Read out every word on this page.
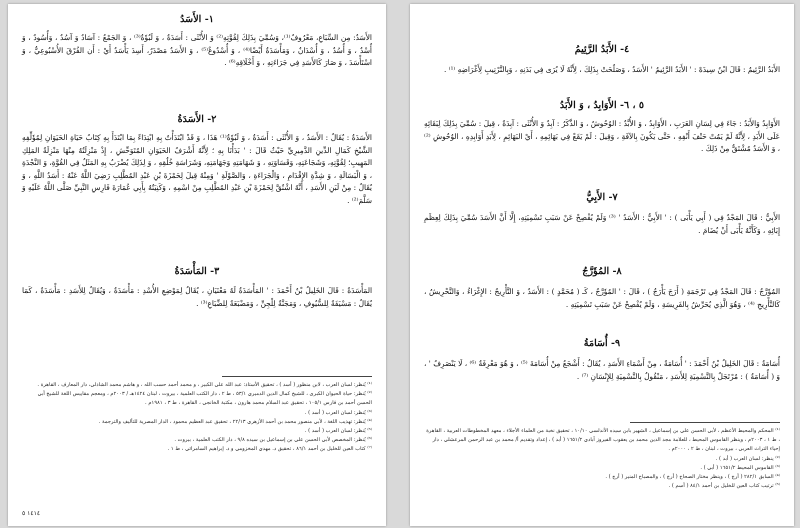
١- الأَسَدُ

الأَسَدُ: مِن السِّبَاعِ، مَعْرُوفٌ⁽¹⁾، وَسُمِّيَ بِذَلِكَ لِقُوَّتِهِ⁽²⁾ وَ الأُنْثَى : أَسَدَةٌ ، وَ لَبُؤَةٌ⁽³⁾ ، وَ الجَمْعُ : آسَادٌ وَ آسُدٌ ، وَأُسُودٌ ، وَ أُسْدٌ ، وَ أُسُدٌ ، وَ أُسْدَانٌ ، وَمَأْسَدَةٌ أَيْضًا⁽⁴⁾ ، وَ أُسْدُوعٌ⁽⁵⁾ ، وَ الأَسَدُ مَصْدَرٌ، أَسِدَ يَأْسَدُ أَيْ : أَن الفُرْقَ الأُسْبُوعِيُّ ، وَ اسْتَأْسَدَ ، وَ صَارَ كَالأَسَدِ فِي جَرَاءَتِهِ ، وَ أَخْلَاقِهِ⁽⁶⁾ .

٢- الأَسَدَةُ

الأَسَدَةُ : يُقَالُ : الأَسَدُ ، وَ الأُنْثَى : أَسَدَةٌ ، وَ لَبُؤَةٌ⁽¹⁾ هَذَا ، وَ قَدْ ابْتَدَأْتُ بِهِ ابْتِدَاءً بِمَا ابْتَدَأَ بِهِ كِتَابُ حَيَاةِ الحَيَوَانِ لِمُؤَلِّفِهِ الشَّيْخِ كَمَالِ الدِّينِ الدَّمِيرِيِّ حَيْثُ قَالَ : ' بَدَأْنَا بِهِ ؛ لِأَنَّهُ أَشْرَفُ الحَيَوَانِ المُتَوَحِّشِ ، إِذْ مَنْزِلَتُهُ مِنْهَا مَنْزِلَةُ المَلِكِ المَهِيبِ؛ لِقُوَّتِهِ، وَشَجَاعَتِهِ، وَقَسَاوَتِهِ ، وَ شَهَامَتِهِ وَجَهَامَتِهِ، وَشَرَاسَةِ خُلُقِهِ ، وَ لِذَلِكَ يُضْرَبُ بِهِ المَثَلُ فِي القُوَّةِ، وَ النَّجْدَةِ ، وَ الْبَسَالَةِ ، وَ شِدَّةِ الإِقْدَامِ ، وَالْجَرَاءَةِ ، وَالصَّوْلَةِ ' وَمِنْهُ قِيلَ لِحَمْزَةَ بْنِ عَبْدِ المُطَّلِبِ رَضِيَ اللَّهُ عَنْهُ : أَسَدُ اللَّهِ ، وَ يُقَالُ : مِنْ لَبَنِ الأَسَدِ ، أَنَّهُ اشْتُقَّ لِحَمْزَةَ بْنِ عَبْدِ المُطَّلِبِ مِنْ اسْمِهِ ، وَكَنِيَتُهُ بِأَبِي عُمَارَةَ فَارِسِ النَّبِيِّ صَلَّى اللَّهُ عَلَيْهِ وَ سَلَّمَ⁽²⁾ .

٣- المَأْسَدَةُ

المَأْسَدَةُ : قَالَ الخَلِيلُ بْنُ أَحْمَدَ : ' المَأْسَدَةُ لَهُ مَعْنَيَانِ ، يُقَالُ لِمَوْضِعِ الأُسْدِ : مَأْسَدَةٌ ، وَيُقَالُ لِلأَسَدِ : مَأْسَدَةٌ ، كَمَا يُقَالُ : مَسْيَفَةٌ لِلسُّيُوفِ ، وَمَجَنَّةٌ لِلْجِنِّ ، وَمَضْبَعَةٌ لِلضِّبَاعِ⁽³⁾ .

⁽¹⁾ يُنظر: لسان العرب ، لابن منظور ( أسد ) ، تحقيق الأستاذ: عبد الله علي الكبير ، و محمد أحمد حسب الله ، و هاشم محمد الشاذلي، دار المعارف ، القاهرة .
⁽²⁾ يُنظر: حياة الحيوان الكبرى ، للشيخ كمال الدين الدميري ٥٣/١ ، ط ٢ ، دار الكتب العلمية ، بيروت ، لبنان ١٤٢٤هـ / ٢٠٠٣م ، ومعجم مقاييس اللغة للشيخ أبي الحسن أحمد بن فارس ١٠٥/١ ، تحقيق عبد السلام محمد هارون ، مكتبة الخانجي ، القاهرة ، ط ٣ ، ١٩٨١م .
⁽³⁾ يُنظر: لسان العرب ( أسد ) .
⁽⁴⁾ يُنظر: تهذيب اللغة ، لأبي منصور محمد بن أحمد الأزهري ٢٢/١٣ ، تحقيق عبد العظيم محمود ، الدار المصرية للتأليف والترجمة .
⁽⁵⁾ يُنظر: لسان العرب ( أسد ) .
⁽⁶⁾ يُنظر: المخصص لأبي الحسن علي بن إسماعيل بن سيده ٩/٨ ، دار الكتب العلمية ، بيروت .
⁽⁷⁾ كتاب العين للخليل بن أحمد ٨٦/١ ، تحقيق د. مهدي المخزومي و د. إبراهيم السامرائي ، ط ١ .
١٤١٤ ٥
٤- الأَبَدُ الرَّئِيمُ

الأَبَدُ الرَّئِيمُ : قَالَ ابْنُ سِيدَهْ : ' الأَبَدُ الرَّئِيمُ ' الأَسَدُ ، وَصَلُحَتْ بِذَلِكَ ، لِأَنَّهُ لَا يُرَى فِي بَدَنِهِ ، وَبِالتَّرْتِيبِ لِأَغْرَاضِهِ ⁽¹⁾ .

٥ ، ٦- الأَوَابِدُ ، وَ الأَبَدُ

الأَوَابِدُ وَالأَبَدُ : جَاءَ فِي لِسَانِ العَرَبِ ، الأَوَابِدُ ، وَ الأُبَّدُ : الوُحُوشُ ، وَ الذَّكَرُ : آبِدٌ وَ الأُنْثَى : آبِدَةٌ ، قِيلَ : سُمِّيَ بِذَلِكَ لِبَقَائِهِ عَلَى الأَبَدِ ، لِأَنَّهُ لَمْ يَمُتْ حَتْفَ أَنْفِهِ ، حَتَّى يَكُونَ بِالآفَةِ ، وَقِيلَ : لَمْ يَقَعْ فِي بَهَائِمِهِ ، أَيْ البَهَائِمِ ، لِأَبَدِ أَوَابِدِهِ ، الوُحُوشِ ⁽²⁾ ، وَ الأَسَدُ مُشْتَقٌّ مِنْ ذَلِكَ .

٧- الأَبِيُّ

الأَبِيُّ : قَالَ المَجْدُ فِي ( أَبِي يَأْبَى ) : ' الأَبِيُّ : الأَسَدُ ' ⁽³⁾ وَلَمْ يُفْصِحْ عَنْ سَبَبِ تَسْمِيَتِهِ، إِلَّا أَنَّ الأَسَدَ سُمِّيَ بِذَلِكَ لِعِظَمِ إِبَائِهِ ، وَكَأَنَّهُ يَأْبَى أَنْ يُضَامَ .

٨- المُؤَرَّجُ

المُؤَرَّجُ : قَالَ المَجْدُ فِي تَرْجَمَةِ ( أَرَجَ يَأْرَجُ ) ، قَالَ : ' المُؤَرَّجُ ، كَـ ( مُحَمَّدٍ ) : الأَسَدُ ، وَ التَّأْرِيجُ : الإِغْرَاءُ ، وَالتَّحْرِيشُ ، كَالتَّأْرِيجِ ⁽⁴⁾ ، وَهُوَ الَّذِي يُحَرِّشُ بِالفَرِيسَةِ ، وَلَمْ يُفْصِحْ عَنْ سَبَبِ تَسْمِيَتِهِ .

٩- أُسَامَةُ

أُسَامَةُ : قَالَ الخَلِيلُ بْنُ أَحْمَدَ : ' أُسَامَةُ ، مِنْ أَسْمَاءِ الأَسَدِ ، يُقَالُ : أَشْجَعُ مِنْ أُسَامَةَ ⁽⁵⁾ ، وَ هُوَ مَعْرِفَةٌ ⁽⁶⁾ ، لَا يَنْصَرِفُ ' ، وَ ( أُسَامَةُ ) : مُرْتَجَلٌ بِالتَّسْمِيَةِ لِلأَسَدِ ، مَنْقُولٌ بِالتَّسْمِيَةِ لِلإِنْسَانِ ⁽⁷⁾ .

⁽¹⁾ المحكم والمحيط الأعظم ، لأبي الحسن علي بن إسماعيل ، الشهير بابن سيده الأندلسي ١٠/١٠ ، تحقيق نخبة من العلماء الأجلاء ، معهد المخطوطات العربية ، القاهرة ، ط ١ ، ٢٠٠٣م ، وينظر القاموس المحيط ، للعلامة مجد الدين محمد بن يعقوب الفيروز آبادي ١٦٥١/٢ ( أبد ) ، إعداد وتقديم أ/ محمد بن عبد الرحمن المرعشلي ، دار إحياء التراث العربي ، بيروت ، لبنان ، ط ٢ ، ٢٠٠٠م .
⁽²⁾ ينظر: لسان العرب ( أبد ) .
⁽³⁾ القاموس المحيط ١٦٥١/٢ ( أبي ) .
⁽⁴⁾ السابق ٢٨٢/١ ( أرج ) ، وينظر مختار الصحاح ( أرج ) ، والمصباح المنير ( أرج ) .
⁽⁵⁾ ترتيب كتاب العين للخليل بن أحمد ٨٤/١ ( أسم ) .
